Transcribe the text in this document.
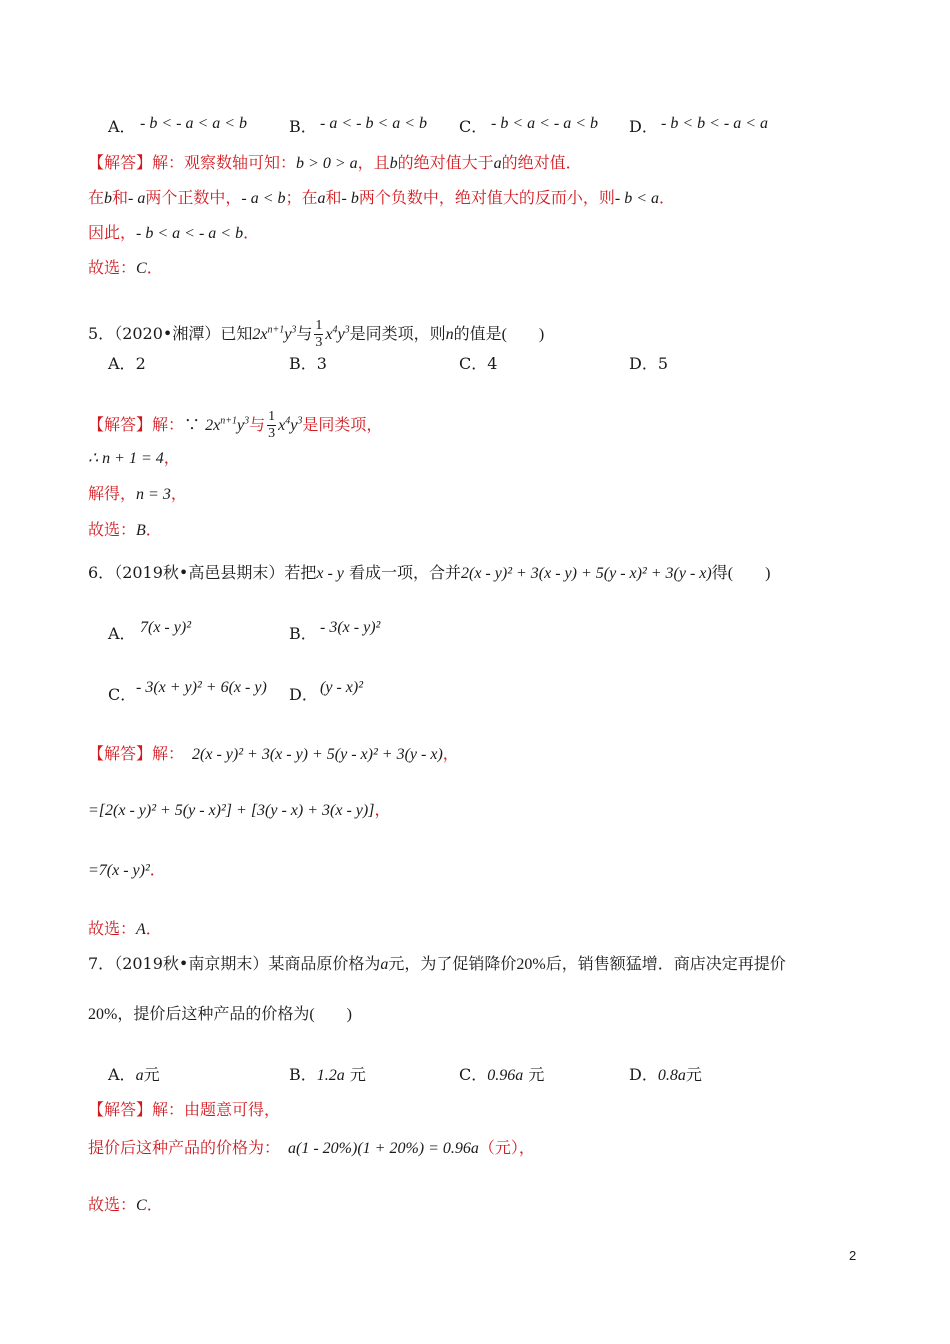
A． - b < - a < a < b	B． - a < - b < a < b C． - b < a < - a < b D． - b < b < - a < a
【解答】解：观察数轴可知：b > 0 > a，且b的绝对值大于a的绝对值．
在b和- a两个正数中，- a < b；在a和- b两个负数中，绝对值大的反而小，则- b < a．
因此，- b < a < - a < b．
故选：C．
5．（2020•湘潭）已知$2x^{n+1}y^3$与 $\frac{1}{3} x^4y^3$是同类项，则n的值是(　　)
A．2	B．3	C．4	D．5
【解答】解：∵ $2x^{n+1}y^3$与 $\frac{1}{3} x^4y^3$是同类项，
∴ n + 1 = 4，
解得，n = 3，
故选：B．
6．（2019秋•高邑县期末）若把x - y 看成一项，合并2(x - y)² + 3(x - y) + 5(y - x)² + 3(y - x)得(　　)
A． 7(x - y)²	B． - 3(x - y)²
C． - 3(x + y)² + 6(x - y) D． (y - x)²
【解答】解： 2(x - y)² + 3(x - y) + 5(y - x)² + 3(y - x)，
=[2(x - y)² + 5(y - x)²] + [3(y - x) + 3(x - y)]，
=7(x - y)²．
故选：A．
7．（2019秋•南京期末）某商品原价格为a元，为了促销降价20%后，销售额猛增．商店决定再提价
20%，提价后这种产品的价格为(　　)
A．a元	B．1.2a 元	C．0.96a 元	D．0.8a元
【解答】解：由题意可得，
提价后这种产品的价格为： a(1 - 20%)(1 + 20%) = 0.96a（元），
故选：C．
2
